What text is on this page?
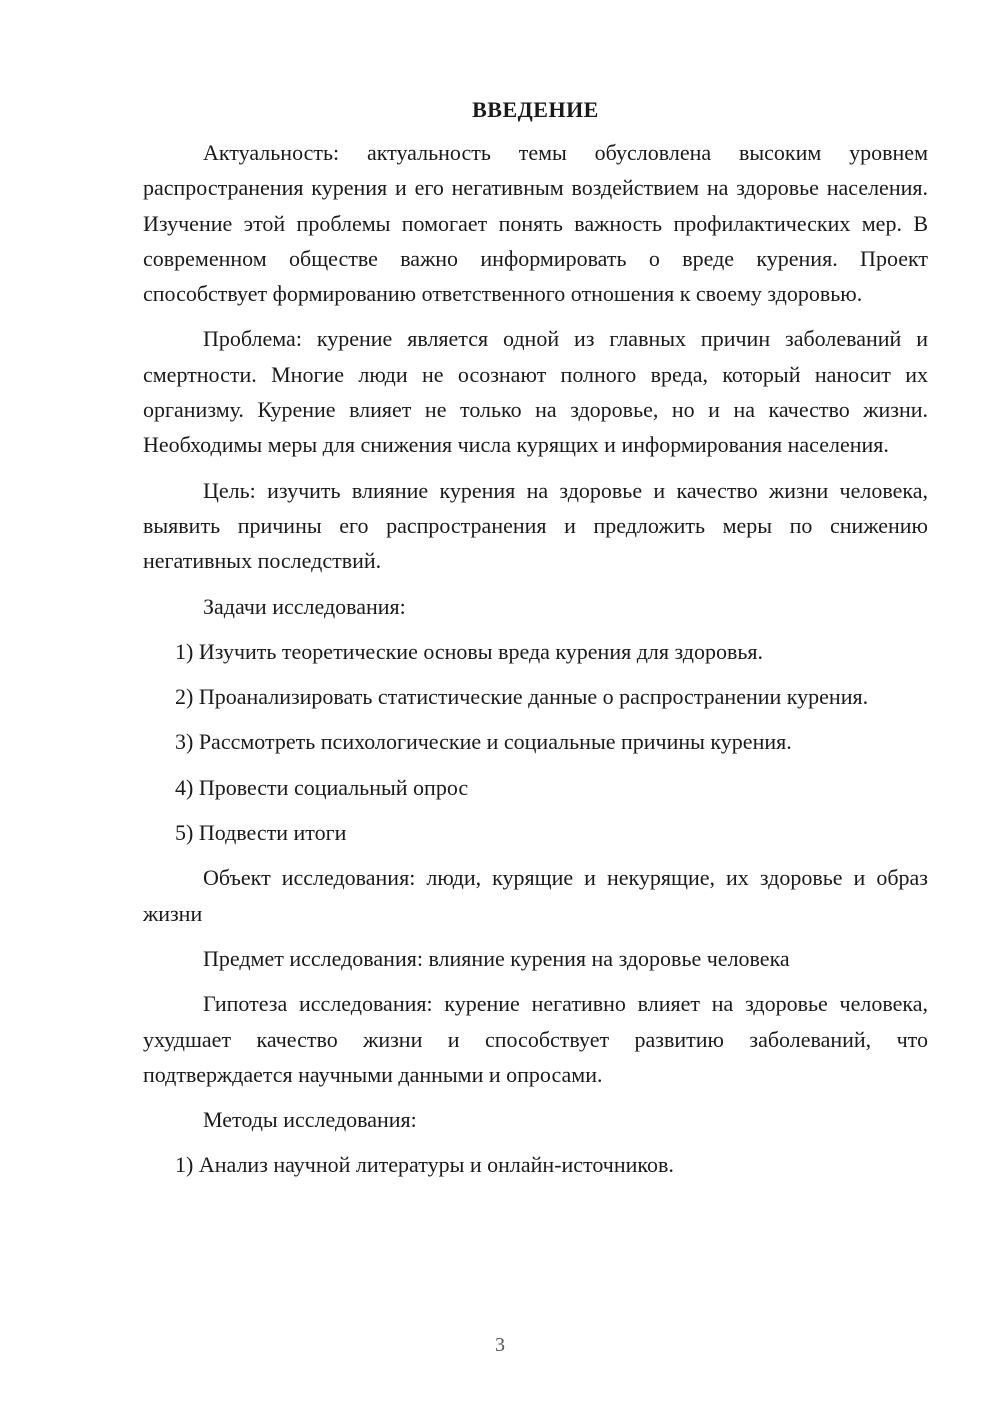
ВВЕДЕНИЕ

Актуальность: актуальность темы обусловлена высоким уровнем распространения курения и его негативным воздействием на здоровье населения. Изучение этой проблемы помогает понять важность профилактических мер. В современном обществе важно информировать о вреде курения. Проект способствует формированию ответственного отношения к своему здоровью.

Проблема: курение является одной из главных причин заболеваний и смертности. Многие люди не осознают полного вреда, который наносит их организму. Курение влияет не только на здоровье, но и на качество жизни. Необходимы меры для снижения числа курящих и информирования населения.

Цель: изучить влияние курения на здоровье и качество жизни человека, выявить причины его распространения и предложить меры по снижению негативных последствий.

Задачи исследования:

1) Изучить теоретические основы вреда курения для здоровья.

2) Проанализировать статистические данные о распространении курения.

3) Рассмотреть психологические и социальные причины курения.

4) Провести социальный опрос

5) Подвести итоги

Объект исследования: люди, курящие и некурящие, их здоровье и образ жизни

Предмет исследования: влияние курения на здоровье человека

Гипотеза исследования: курение негативно влияет на здоровье человека, ухудшает качество жизни и способствует развитию заболеваний, что подтверждается научными данными и опросами.

Методы исследования:

1) Анализ научной литературы и онлайн-источников.

3
